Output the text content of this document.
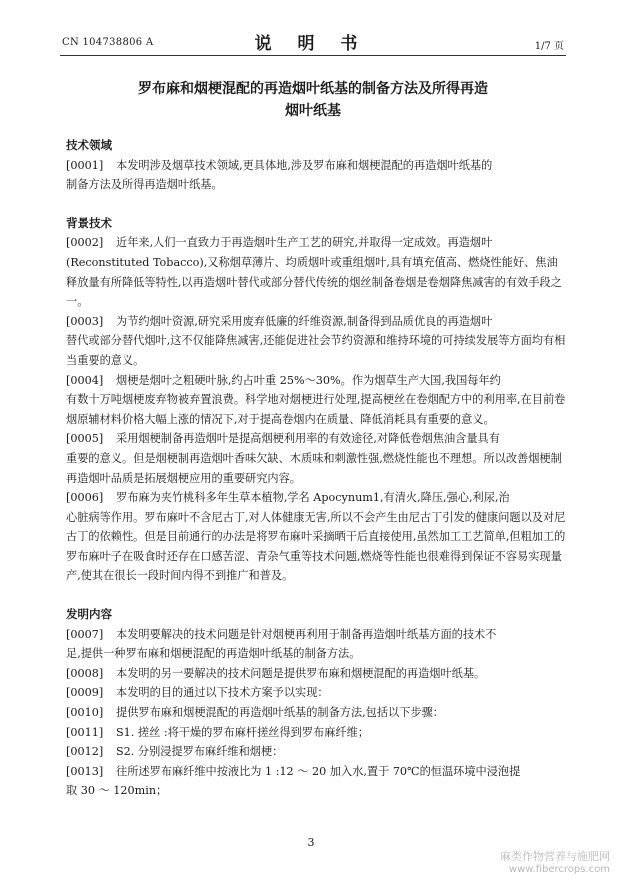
CN 104738806 A	说 明 书	1/7 页
罗布麻和烟梗混配的再造烟叶纸基的制备方法及所得再造
烟叶纸基
技术领域
[0001]	本发明涉及烟草技术领域,更具体地,涉及罗布麻和烟梗混配的再造烟叶纸基的
制备方法及所得再造烟叶纸基。
背景技术
[0002]	近年来,人们一直致力于再造烟叶生产工艺的研究,并取得一定成效。再造烟叶
(Reconstituted Tobacco),又称烟草薄片、均质烟叶或重组烟叶,具有填充值高、燃烧性能好、焦油释放量有所降低等特性,以再造烟叶替代或部分替代传统的烟丝制备卷烟是卷烟降焦减害的有效手段之一。
[0003]	为节约烟叶资源,研究采用废弃低廉的纤维资源,制备得到品质优良的再造烟叶
替代或部分替代烟叶,这不仅能降焦减害,还能促进社会节约资源和维持环境的可持续发展等方面均有相当重要的意义。
[0004]	烟梗是烟叶之粗硬叶脉,约占叶重 25%～30%。作为烟草生产大国,我国每年约
有数十万吨烟梗废弃物被弃置浪费。科学地对烟梗进行处理,提高梗丝在卷烟配方中的利用率,在目前卷烟原辅材料价格大幅上涨的情况下,对于提高卷烟内在质量、降低消耗具有重要的意义。
[0005]	采用烟梗制备再造烟叶是提高烟梗利用率的有效途径,对降低卷烟焦油含量具有
重要的意义。但是烟梗制再造烟叶香味欠缺、木质味和刺激性强,燃烧性能也不理想。所以改善烟梗制再造烟叶品质是拓展烟梗应用的重要研究内容。
[0006]	罗布麻为夹竹桃科多年生草本植物,学名 Apocynum1,有清火,降压,强心,利尿,治
心脏病等作用。罗布麻叶不含尼古丁,对人体健康无害,所以不会产生由尼古丁引发的健康问题以及对尼古丁的依赖性。但是目前通行的办法是将罗布麻叶采摘晒干后直接使用,虽然加工工艺简单,但粗加工的罗布麻叶子在吸食时还存在口感苦涩、青杂气重等技术问题,燃烧等性能也很难得到保证不容易实现量产,使其在很长一段时间内得不到推广和普及。
发明内容
[0007]	本发明要解决的技术问题是针对烟梗再利用于制备再造烟叶纸基方面的技术不
足,提供一种罗布麻和烟梗混配的再造烟叶纸基的制备方法。
[0008]	本发明的另一要解决的技术问题是提供罗布麻和烟梗混配的再造烟叶纸基。
[0009]	本发明的目的通过以下技术方案予以实现：
[0010]	提供罗布麻和烟梗混配的再造烟叶纸基的制备方法,包括以下步骤：
[0011]	S1. 搓丝 :将干燥的罗布麻杆搓丝得到罗布麻纤维；
[0012]	S2. 分别浸提罗布麻纤维和烟梗：
[0013]	往所述罗布麻纤维中按液比为 1 :12 ～ 20 加入水,置于 70℃的恒温环境中浸泡提
取 30 ～ 120min；
3
麻类作物营养与施肥网
www.fibercrops.com
